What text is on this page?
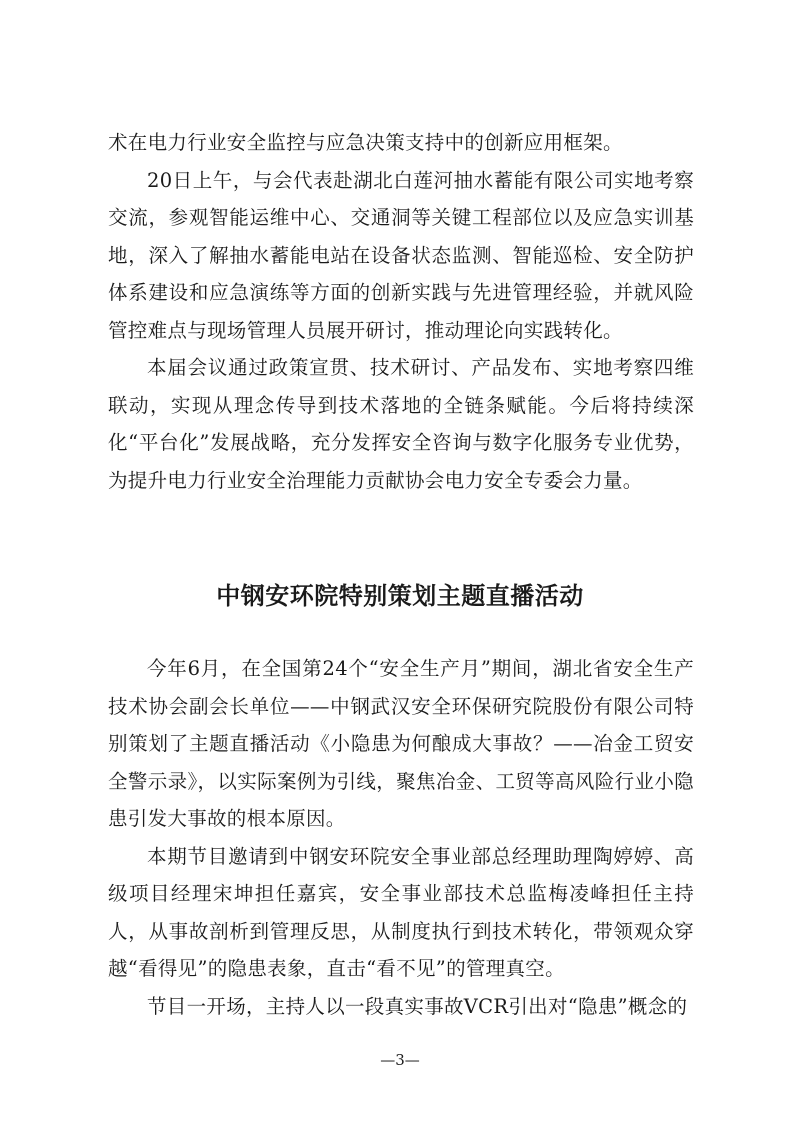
术在电力行业安全监控与应急决策支持中的创新应用框架。

20日上午，与会代表赴湖北白莲河抽水蓄能有限公司实地考察交流，参观智能运维中心、交通洞等关键工程部位以及应急实训基地，深入了解抽水蓄能电站在设备状态监测、智能巡检、安全防护体系建设和应急演练等方面的创新实践与先进管理经验，并就风险管控难点与现场管理人员展开研讨，推动理论向实践转化。

本届会议通过政策宣贯、技术研讨、产品发布、实地考察四维联动，实现从理念传导到技术落地的全链条赋能。今后将持续深化“平台化”发展战略，充分发挥安全咨询与数字化服务专业优势，为提升电力行业安全治理能力贡献协会电力安全专委会力量。

中钢安环院特别策划主题直播活动

今年6月，在全国第24个“安全生产月”期间，湖北省安全生产技术协会副会长单位——中钢武汉安全环保研究院股份有限公司特别策划了主题直播活动《小隐患为何酿成大事故？——冶金工贸安全警示录》，以实际案例为引线，聚焦冶金、工贸等高风险行业小隐患引发大事故的根本原因。

本期节目邀请到中钢安环院安全事业部总经理助理陶婷婷、高级项目经理宋坤担任嘉宾，安全事业部技术总监梅凌峰担任主持人，从事故剖析到管理反思，从制度执行到技术转化，带领观众穿越“看得见”的隐患表象，直击“看不见”的管理真空。

节目一开场，主持人以一段真实事故VCR引出对“隐患”概念的

—3—
